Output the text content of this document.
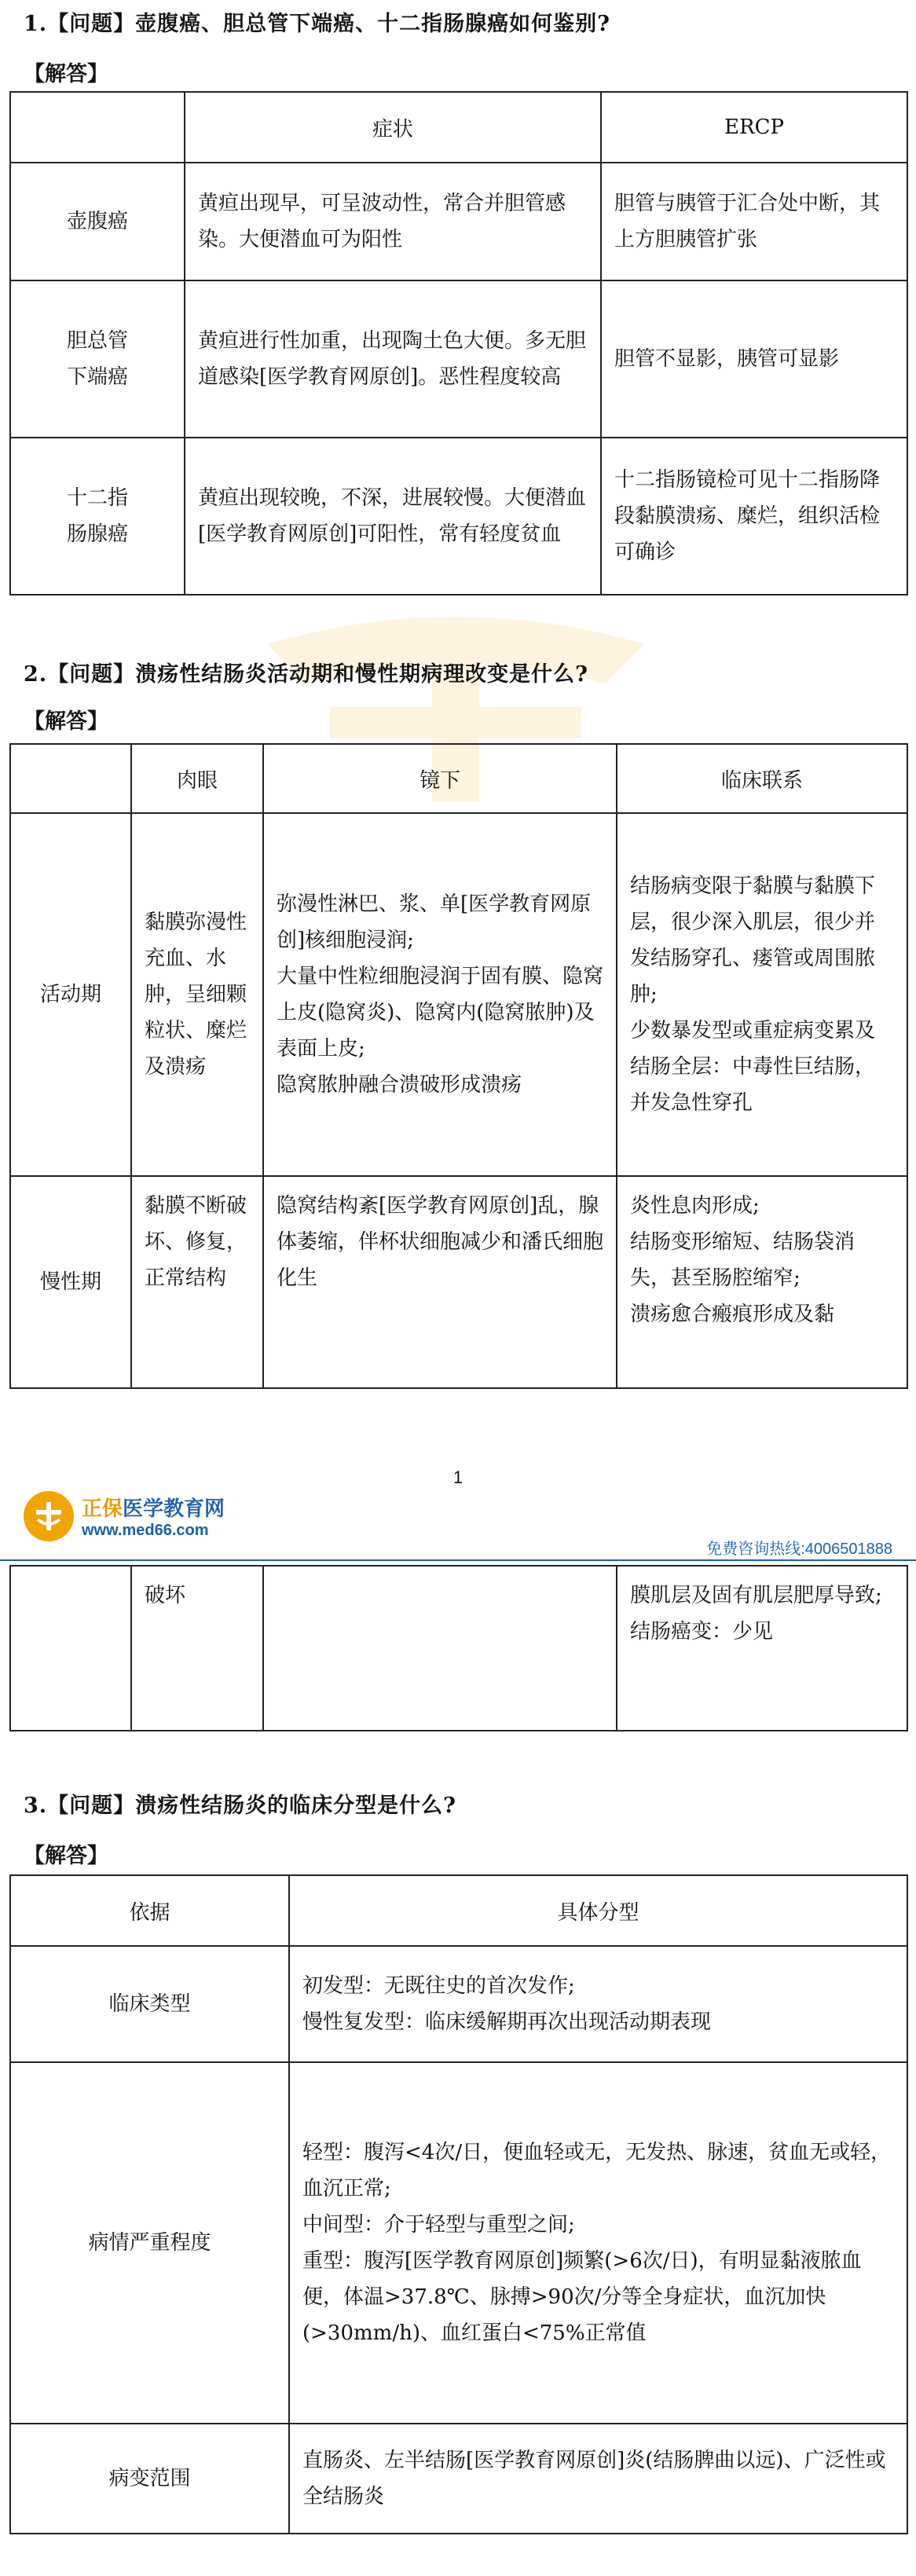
1.【问题】壶腹癌、胆总管下端癌、十二指肠腺癌如何鉴别?
【解答】
	症状	ERCP
壶腹癌	黄疸出现早，可呈波动性，常合并胆管感染。大便潜血可为阳性	胆管与胰管于汇合处中断，其上方胆胰管扩张
胆总管下端癌	黄疸进行性加重，出现陶土色大便。多无胆道感染[医学教育网原创]。恶性程度较高	胆管不显影，胰管可显影
十二指肠腺癌	黄疸出现较晚，不深，进展较慢。大便潜血[医学教育网原创]可阳性，常有轻度贫血	十二指肠镜检可见十二指肠降段黏膜溃疡、糜烂，组织活检可确诊
2.【问题】溃疡性结肠炎活动期和慢性期病理改变是什么?
【解答】
	肉眼	镜下	临床联系
活动期	黏膜弥漫性充血、水肿，呈细颗粒状、糜烂及溃疡	弥漫性淋巴、浆、单[医学教育网原创]核细胞浸润;
大量中性粒细胞浸润于固有膜、隐窝上皮(隐窝炎)、隐窝内(隐窝脓肿)及表面上皮;
隐窝脓肿融合溃破形成溃疡	结肠病变限于黏膜与黏膜下层，很少深入肌层，很少并发结肠穿孔、瘘管或周围脓肿;
少数暴发型或重症病变累及结肠全层：中毒性巨结肠，并发急性穿孔
慢性期	黏膜不断破坏、修复，正常结构	隐窝结构紊[医学教育网原创]乱，腺体萎缩，伴杯状细胞减少和潘氏细胞化生	炎性息肉形成;
结肠变形缩短、结肠袋消失，甚至肠腔缩窄;
溃疡愈合瘢痕形成及黏
1
正保医学教育网
www.med66.com
免费咨询热线:4006501888
	破坏		膜肌层及固有肌层肥厚导致;
结肠癌变：少见
3.【问题】溃疡性结肠炎的临床分型是什么?
【解答】
依据	具体分型
临床类型	初发型：无既往史的首次发作;
慢性复发型：临床缓解期再次出现活动期表现
病情严重程度	轻型：腹泻<4次/日，便血轻或无，无发热、脉速，贫血无或轻，血沉正常;
中间型：介于轻型与重型之间;
重型：腹泻[医学教育网原创]频繁(>6次/日)，有明显黏液脓血便，体温>37.8℃、脉搏>90次/分等全身症状，血沉加快(>30mm/h)、血红蛋白<75%正常值
病变范围	直肠炎、左半结肠[医学教育网原创]炎(结肠脾曲以远)、广泛性或全结肠炎
